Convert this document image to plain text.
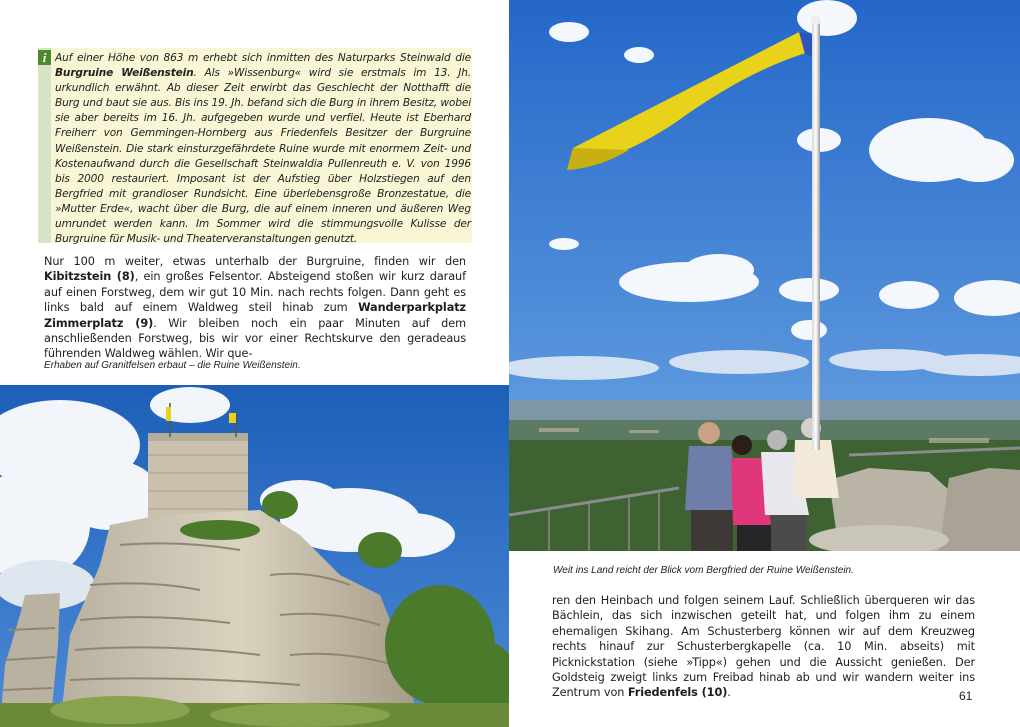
i Auf einer Höhe von 863 m erhebt sich inmitten des Naturparks Steinwald die Burgruine Weißenstein. Als »Wissenburg« wird sie erstmals im 13. Jh. urkundlich erwähnt. Ab dieser Zeit erwirbt das Geschlecht der Notthafft die Burg und baut sie aus. Bis ins 19. Jh. befand sich die Burg in ihrem Besitz, wobei sie aber bereits im 16. Jh. aufgegeben wurde und verfiel. Heute ist Eberhard Freiherr von Gemmingen-Hornberg aus Friedenfels Besitzer der Burgruine Weißenstein. Die stark einsturzgefährdete Ruine wurde mit enormem Zeit- und Kostenaufwand durch die Gesellschaft Steinwaldia Pullenreuth e. V. von 1996 bis 2000 restauriert. Imposant ist der Aufstieg über Holzstiegen auf den Bergfried mit grandioser Rundsicht. Eine überlebensgroße Bronzestatue, die »Mutter Erde«, wacht über die Burg, die auf einem inneren und äußeren Weg umrundet werden kann. Im Sommer wird die stimmungsvolle Kulisse der Burgruine für Musik- und Theaterveranstaltungen genutzt.
Nur 100 m weiter, etwas unterhalb der Burgruine, finden wir den Kibitzstein (8), ein großes Felsentor. Absteigend stoßen wir kurz darauf auf einen Forstweg, dem wir gut 10 Min. nach rechts folgen. Dann geht es links bald auf einem Waldweg steil hinab zum Wanderparkplatz Zimmerplatz (9). Wir bleiben noch ein paar Minuten auf dem anschließenden Forstweg, bis wir vor einer Rechtskurve den geradeaus führenden Waldweg wählen. Wir que-
Erhaben auf Granitfelsen erbaut – die Ruine Weißenstein.
Weit ins Land reicht der Blick vom Bergfried der Ruine Weißenstein.
ren den Heinbach und folgen seinem Lauf. Schließlich überqueren wir das Bächlein, das sich inzwischen geteilt hat, und folgen ihm zu einem ehemaligen Skihang. Am Schusterberg können wir auf dem Kreuzweg rechts hinauf zur Schusterbergkapelle (ca. 10 Min. abseits) mit Picknickstation (siehe »Tipp«) gehen und die Aussicht genießen. Der Goldsteig zweigt links zum Freibad hinab ab und wir wandern weiter ins Zentrum von Friedenfels (10).	61
